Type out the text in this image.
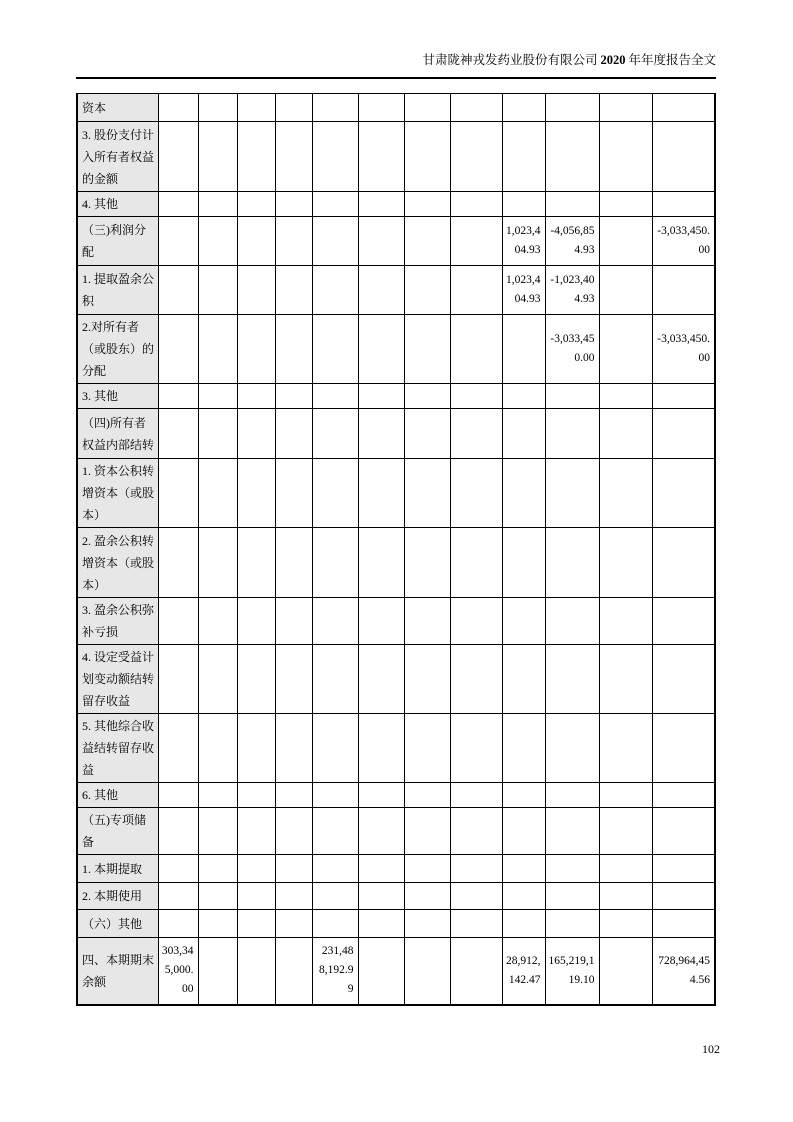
甘肃陇神戎发药业股份有限公司 2020 年年度报告全文
资本												
3. 股份支付计入所有者权益的金额												
4. 其他												
（三)利润分配									1,023,404.93	-4,056,854.93		-3,033,450.00
1. 提取盈余公积									1,023,404.93	-1,023,404.93		
2.对所有者（或股东）的分配										-3,033,450.00		-3,033,450.00
3. 其他												
（四)所有者权益内部结转												
1. 资本公积转增资本（或股本）												
2. 盈余公积转增资本（或股本）												
3. 盈余公积弥补亏损												
4. 设定受益计划变动额结转留存收益												
5. 其他综合收益结转留存收益												
6. 其他												
（五)专项储备												
1. 本期提取												
2. 本期使用												
（六）其他												
四、本期期末余额	303,345,000.00				231,488,192.99				28,912,142.47	165,219,119.10		728,964,454.56
102
